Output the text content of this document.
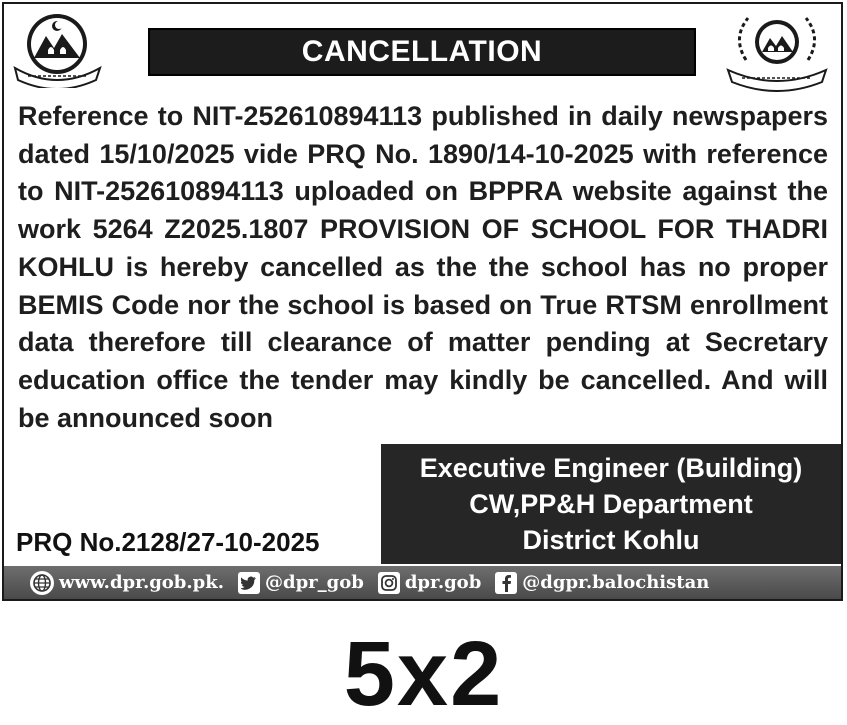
CANCELLATION

Reference to NIT-252610894113 published in daily newspapers dated 15/10/2025 vide PRQ No. 1890/14-10-2025 with reference to NIT-252610894113 uploaded on BPPRA website against the work 5264 Z2025.1807 PROVISION OF SCHOOL FOR THADRI KOHLU is hereby cancelled as the the school has no proper BEMIS Code nor the school is based on True RTSM enrollment data therefore till clearance of matter pending at Secretary education office the tender may kindly be cancelled. And will be announced soon

PRQ No.2128/27-10-2025
Executive Engineer (Building)
CW,PP&H Department
District Kohlu
www.dpr.gob.pk. @dpr_gob dpr.gob @dgpr.balochistan
5x2
